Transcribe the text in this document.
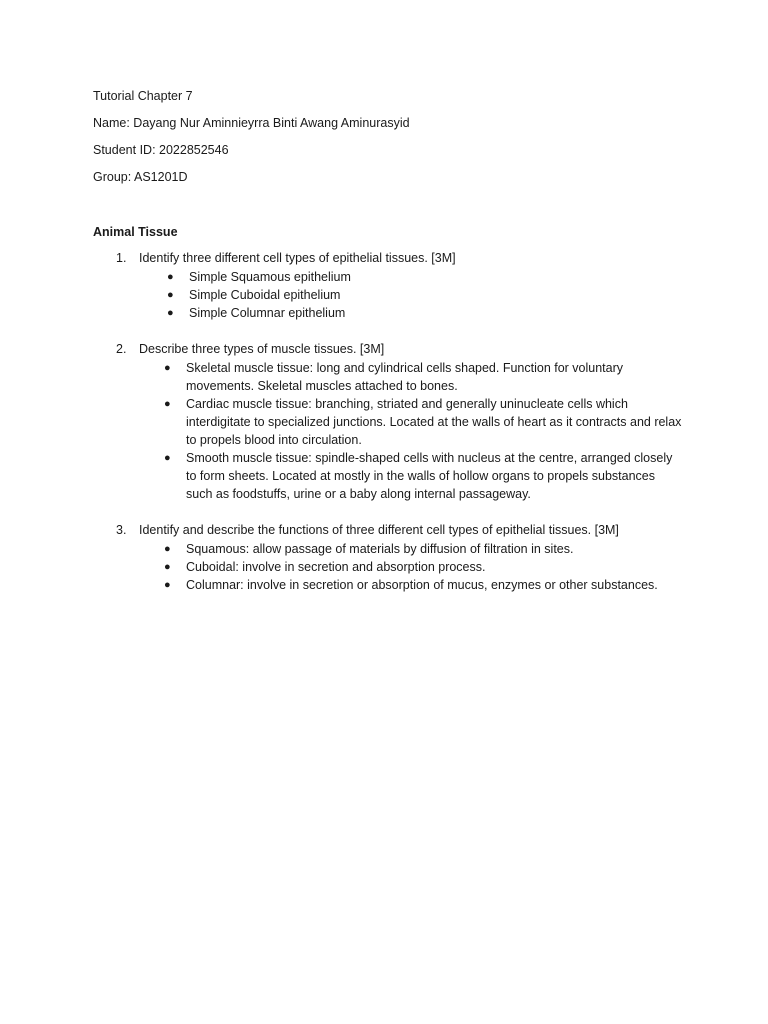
Tutorial Chapter 7

Name: Dayang Nur Aminnieyrra Binti Awang Aminurasyid

Student ID: 2022852546

Group: AS1201D

Animal Tissue

1.	Identify three different cell types of epithelial tissues. [3M]
● Simple Squamous epithelium
● Simple Cuboidal epithelium
● Simple Columnar epithelium
2.	Describe three types of muscle tissues. [3M]
● Skeletal muscle tissue: long and cylindrical cells shaped. Function for voluntary movements. Skeletal muscles attached to bones.
● Cardiac muscle tissue: branching, striated and generally uninucleate cells which interdigitate to specialized junctions. Located at the walls of heart as it contracts and relax to propels blood into circulation.
● Smooth muscle tissue: spindle-shaped cells with nucleus at the centre, arranged closely to form sheets. Located at mostly in the walls of hollow organs to propels substances such as foodstuffs, urine or a baby along internal passageway.
3.	Identify and describe the functions of three different cell types of epithelial tissues. [3M]
● Squamous: allow passage of materials by diffusion of filtration in sites.
● Cuboidal: involve in secretion and absorption process.
● Columnar: involve in secretion or absorption of mucus, enzymes or other substances.
